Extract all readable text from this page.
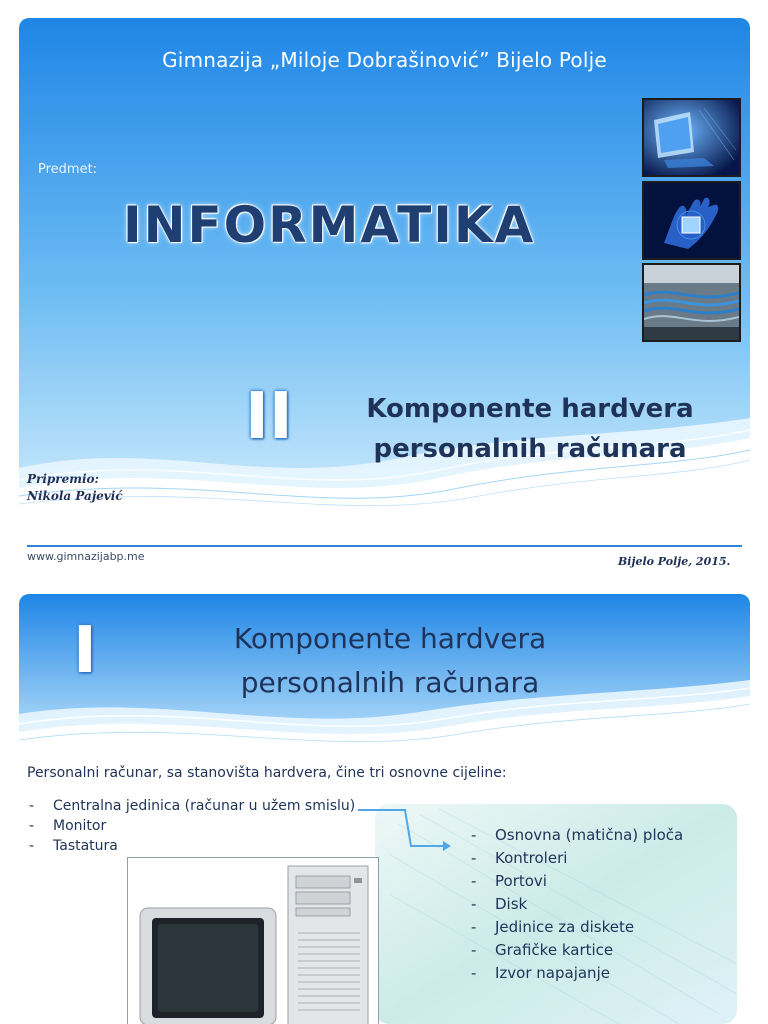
Gimnazija „Miloje Dobrašinović” Bijelo Polje
Predmet:
INFORMATIKA
II	Komponente hardvera
personalnih računara
Pripremio:
Nikola Pajević
www.gimnazijabp.me	Bijelo Polje, 2015.
I	Komponente hardvera
personalnih računara
Personalni računar, sa stanovišta hardvera, čine tri osnovne cijeline:
- Centralna jedinica (računar u užem smislu)
- Monitor
- Tastatura
- Osnovna (matična) ploča
- Kontroleri
- Portovi
- Disk
- Jedinice za diskete
- Grafičke kartice
- Izvor napajanje
